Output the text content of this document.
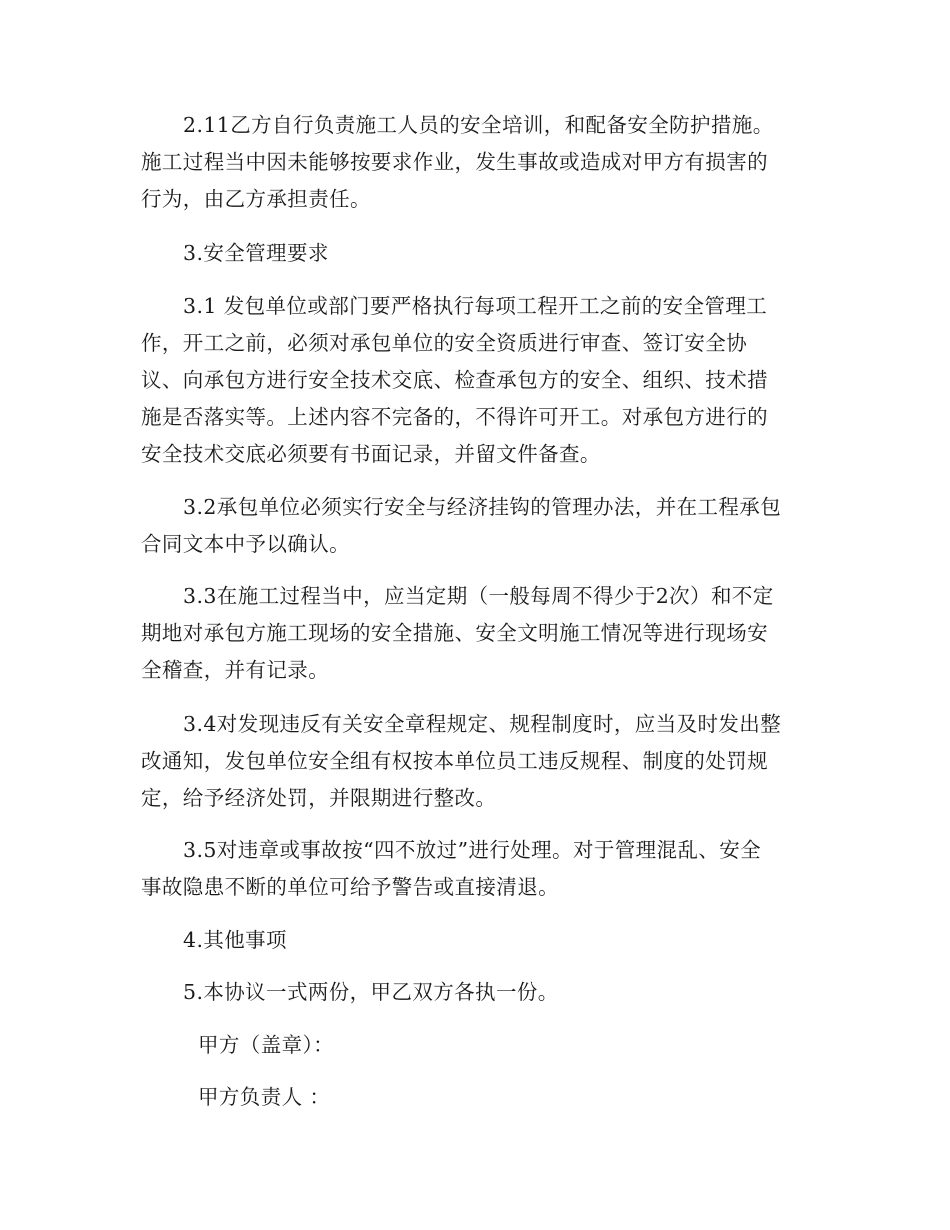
2.11乙方自行负责施工人员的安全培训，和配备安全防护措施。
施工过程当中因未能够按要求作业，发生事故或造成对甲方有损害的
行为，由乙方承担责任。
3.安全管理要求
3.1 发包单位或部门要严格执行每项工程开工之前的安全管理工
作，开工之前，必须对承包单位的安全资质进行审查、签订安全协
议、向承包方进行安全技术交底、检查承包方的安全、组织、技术措
施是否落实等。上述内容不完备的，不得许可开工。对承包方进行的
安全技术交底必须要有书面记录，并留文件备查。
3.2承包单位必须实行安全与经济挂钩的管理办法，并在工程承包
合同文本中予以确认。
3.3在施工过程当中，应当定期（一般每周不得少于2次）和不定
期地对承包方施工现场的安全措施、安全文明施工情况等进行现场安
全稽查，并有记录。
3.4对发现违反有关安全章程规定、规程制度时，应当及时发出整
改通知，发包单位安全组有权按本单位员工违反规程、制度的处罚规
定，给予经济处罚，并限期进行整改。
3.5对违章或事故按“四不放过”进行处理。对于管理混乱、安全
事故隐患不断的单位可给予警告或直接清退。
4.其他事项
5.本协议一式两份，甲乙双方各执一份。
甲方（盖章）：
甲方负责人 ：
